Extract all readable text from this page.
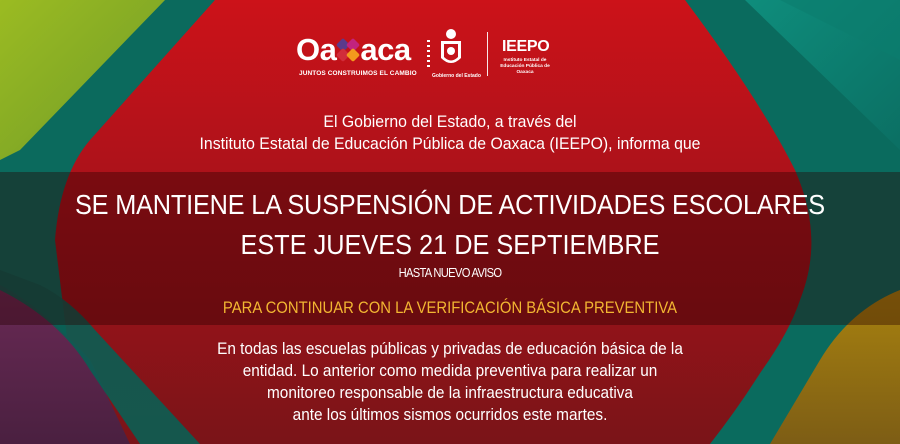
Oa aca
JUNTOS CONSTRUIMOS EL CAMBIO	Gobierno del Estado
IEEPO
Instituto Estatal de Educación Pública de Oaxaca
El Gobierno del Estado, a través del
Instituto Estatal de Educación Pública de Oaxaca (IEEPO), informa que
SE MANTIENE LA SUSPENSIÓN DE ACTIVIDADES ESCOLARES
ESTE JUEVES 21 DE SEPTIEMBRE
HASTA NUEVO AVISO
PARA CONTINUAR CON LA VERIFICACIÓN BÁSICA PREVENTIVA
En todas las escuelas públicas y privadas de educación básica de la
entidad. Lo anterior como medida preventiva para realizar un
monitoreo responsable de la infraestructura educativa
ante los últimos sismos ocurridos este martes.
